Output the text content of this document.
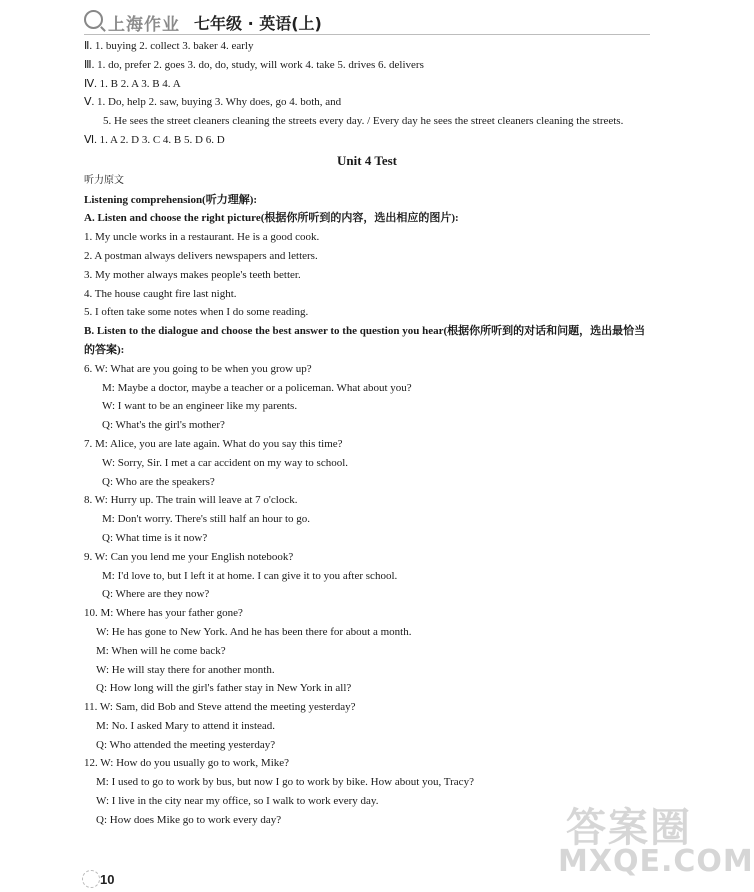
上海作业 七年级 · 英语(上)
Ⅱ. 1. buying 2. collect 3. baker 4. early
Ⅲ. 1. do, prefer 2. goes 3. do, do, study, will work 4. take 5. drives 6. delivers
Ⅳ. 1. B 2. A 3. B 4. A
Ⅴ. 1. Do, help 2. saw, buying 3. Why does, go 4. both, and
5. He sees the street cleaners cleaning the streets every day. / Every day he sees the street cleaners cleaning the streets.
Ⅵ. 1. A 2. D 3. C 4. B 5. D 6. D
Unit 4 Test
听力原文
Listening comprehension(听力理解):
A. Listen and choose the right picture(根据你所听到的内容，选出相应的图片):
1. My uncle works in a restaurant. He is a good cook.
2. A postman always delivers newspapers and letters.
3. My mother always makes people's teeth better.
4. The house caught fire last night.
5. I often take some notes when I do some reading.
B. Listen to the dialogue and choose the best answer to the question you hear(根据你所听到的对话和问题，选出最恰当的答案):
6. W: What are you going to be when you grow up?
M: Maybe a doctor, maybe a teacher or a policeman. What about you?
W: I want to be an engineer like my parents.
Q: What's the girl's mother?
7. M: Alice, you are late again. What do you say this time?
W: Sorry, Sir. I met a car accident on my way to school.
Q: Who are the speakers?
8. W: Hurry up. The train will leave at 7 o'clock.
M: Don't worry. There's still half an hour to go.
Q: What time is it now?
9. W: Can you lend me your English notebook?
M: I'd love to, but I left it at home. I can give it to you after school.
Q: Where are they now?
10. M: Where has your father gone?
W: He has gone to New York. And he has been there for about a month.
M: When will he come back?
W: He will stay there for another month.
Q: How long will the girl's father stay in New York in all?
11. W: Sam, did Bob and Steve attend the meeting yesterday?
M: No. I asked Mary to attend it instead.
Q: Who attended the meeting yesterday?
12. W: How do you usually go to work, Mike?
M: I used to go to work by bus, but now I go to work by bike. How about you, Tracy?
W: I live in the city near my office, so I walk to work every day.
Q: How does Mike go to work every day?
10
答案圈
MXQE.COM
